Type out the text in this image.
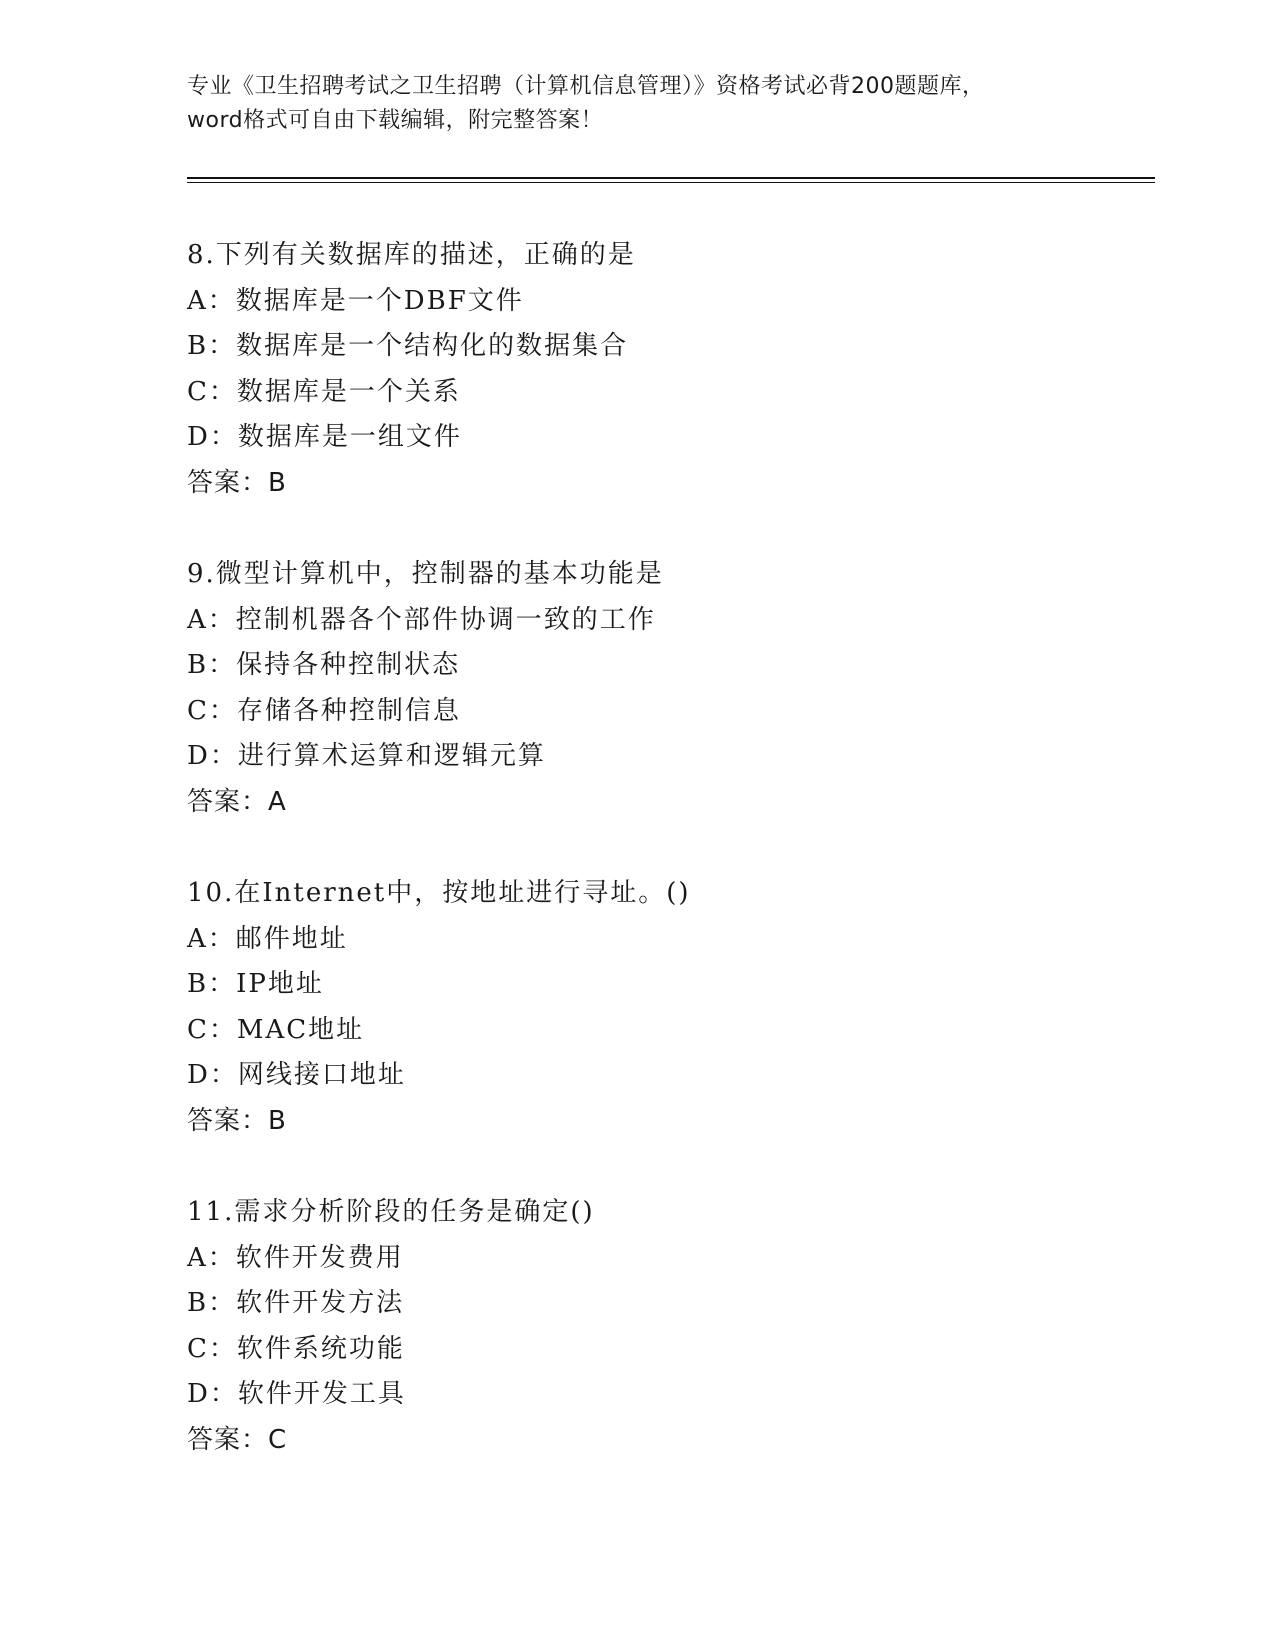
专业《卫生招聘考试之卫生招聘（计算机信息管理）》资格考试必背200题题库，

word格式可自由下载编辑，附完整答案！

8.下列有关数据库的描述，正确的是
A：数据库是一个DBF文件
B：数据库是一个结构化的数据集合
C：数据库是一个关系
D：数据库是一组文件
答案：B
9.微型计算机中，控制器的基本功能是
A：控制机器各个部件协调一致的工作
B：保持各种控制状态
C：存储各种控制信息
D：进行算术运算和逻辑元算
答案：A
10.在Internet中，按地址进行寻址。()
A：邮件地址
B：IP地址
C：MAC地址
D：网线接口地址
答案：B
11.需求分析阶段的任务是确定()
A：软件开发费用
B：软件开发方法
C：软件系统功能
D：软件开发工具
答案：C
